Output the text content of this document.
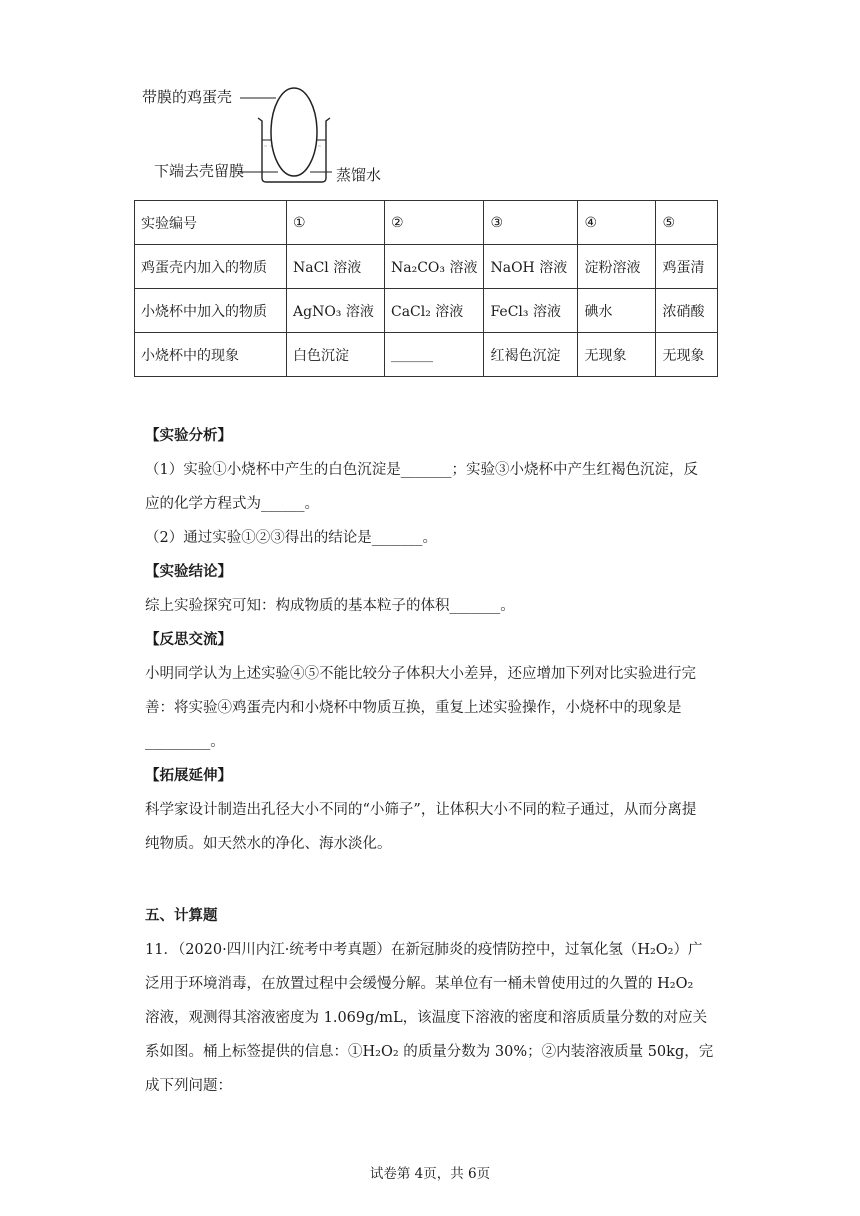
带膜的鸡蛋壳
下端去壳留膜	蒸馏水
实验编号	①	②	③	④	⑤
鸡蛋壳内加入的物质	NaCl 溶液	Na₂CO₃ 溶液	NaOH 溶液	淀粉溶液	鸡蛋清
小烧杯中加入的物质	AgNO₃ 溶液	CaCl₂ 溶液	FeCl₃ 溶液	碘水	浓硝酸
小烧杯中的现象	白色沉淀	______	红褐色沉淀	无现象	无现象
【实验分析】
（1）实验①小烧杯中产生的白色沉淀是_______；实验③小烧杯中产生红褐色沉淀，反
应的化学方程式为______。
（2）通过实验①②③得出的结论是_______。
【实验结论】
综上实验探究可知：构成物质的基本粒子的体积_______。
【反思交流】
小明同学认为上述实验④⑤不能比较分子体积大小差异，还应增加下列对比实验进行完
善：将实验④鸡蛋壳内和小烧杯中物质互换，重复上述实验操作，小烧杯中的现象是
_________。
【拓展延伸】
科学家设计制造出孔径大小不同的“小筛子”，让体积大小不同的粒子通过，从而分离提
纯物质。如天然水的净化、海水淡化。
五、计算题
11．（2020·四川内江·统考中考真题）在新冠肺炎的疫情防控中，过氧化氢（H₂O₂）广
泛用于环境消毒，在放置过程中会缓慢分解。某单位有一桶未曾使用过的久置的 H₂O₂
溶液，观测得其溶液密度为 1.069g/mL，该温度下溶液的密度和溶质质量分数的对应关
系如图。桶上标签提供的信息：①H₂O₂ 的质量分数为 30%；②内装溶液质量 50kg，完
成下列问题：
试卷第 4页，共 6页
